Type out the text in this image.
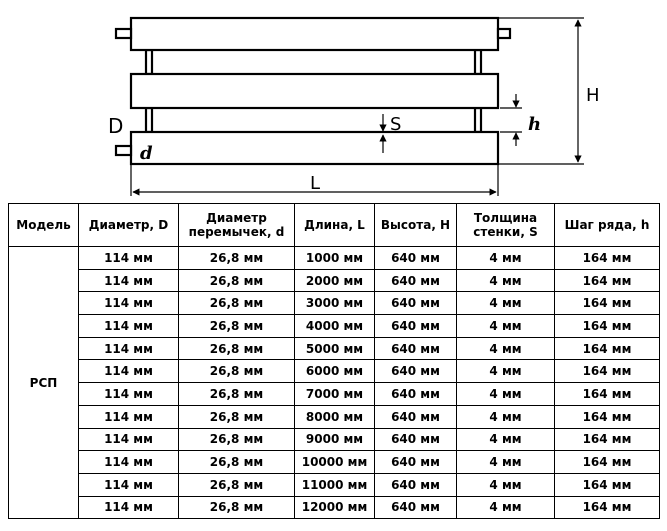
H
h
D
d
S
L
Модель	Диаметр, D	Диаметр перемычек, d	Длина, L	Высота, H	Толщина стенки, S	Шаг ряда, h
РСП	114 мм	26,8 мм	1000 мм	640 мм	4 мм	164 мм
	114 мм	26,8 мм	2000 мм	640 мм	4 мм	164 мм
	114 мм	26,8 мм	3000 мм	640 мм	4 мм	164 мм
	114 мм	26,8 мм	4000 мм	640 мм	4 мм	164 мм
	114 мм	26,8 мм	5000 мм	640 мм	4 мм	164 мм
	114 мм	26,8 мм	6000 мм	640 мм	4 мм	164 мм
	114 мм	26,8 мм	7000 мм	640 мм	4 мм	164 мм
	114 мм	26,8 мм	8000 мм	640 мм	4 мм	164 мм
	114 мм	26,8 мм	9000 мм	640 мм	4 мм	164 мм
	114 мм	26,8 мм	10000 мм	640 мм	4 мм	164 мм
	114 мм	26,8 мм	11000 мм	640 мм	4 мм	164 мм
	114 мм	26,8 мм	12000 мм	640 мм	4 мм	164 мм
